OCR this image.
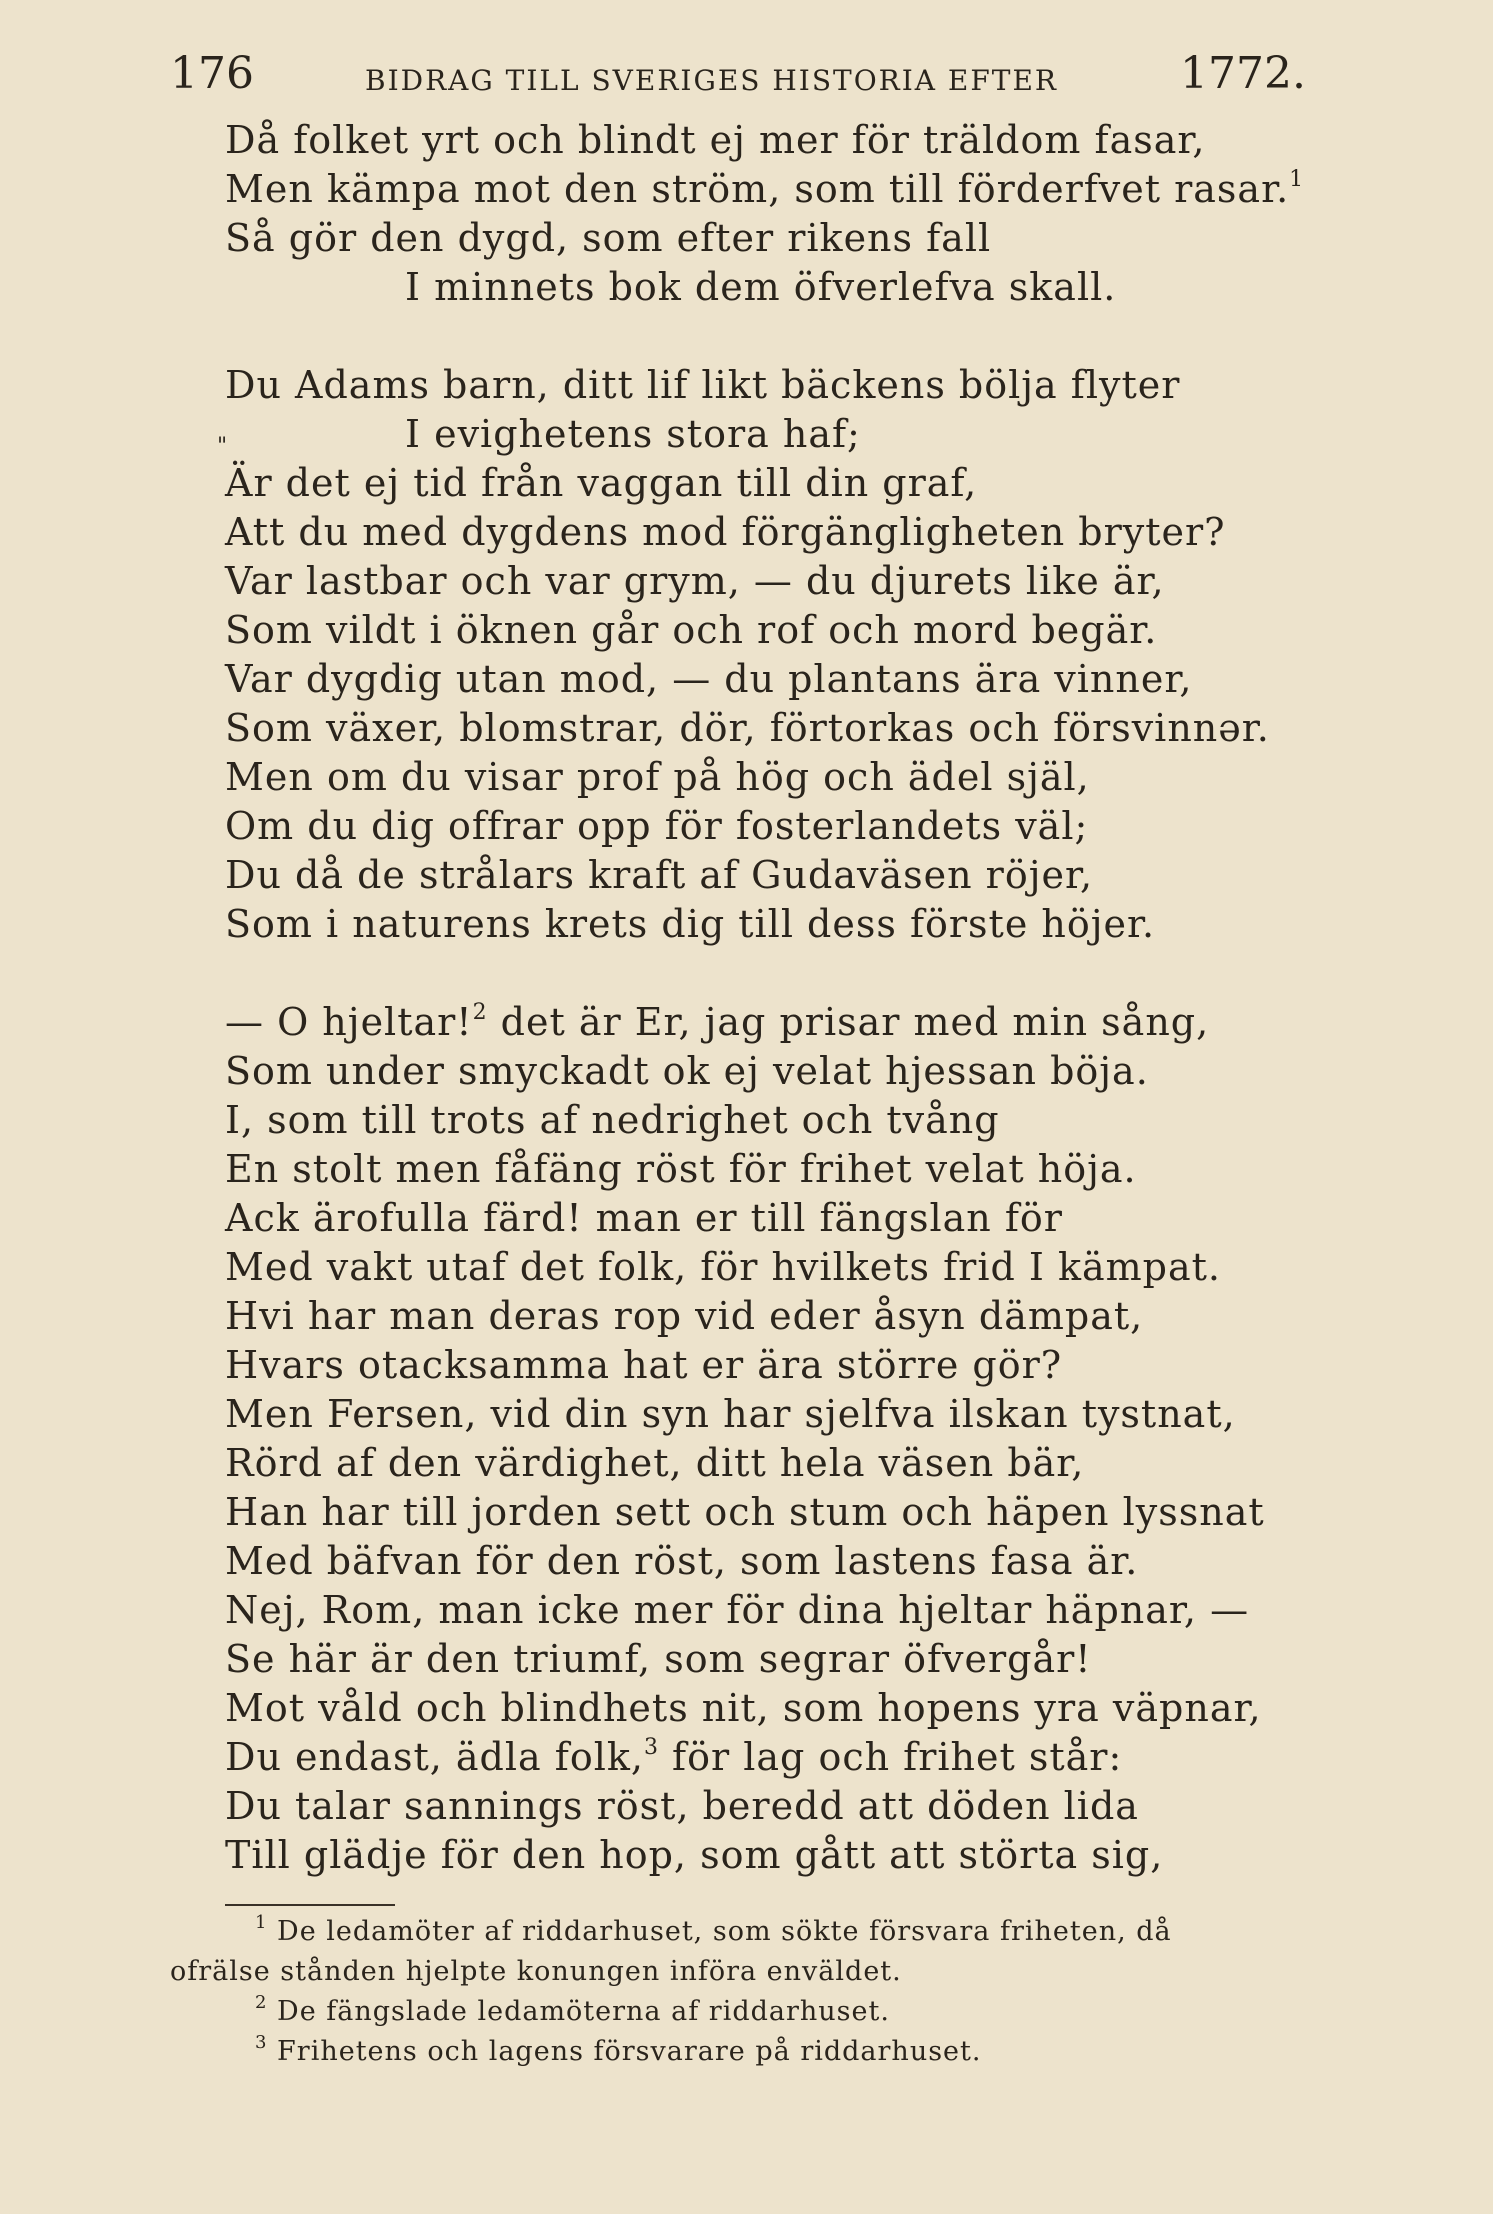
176	BIDRAG TILL SVERIGES HISTORIA EFTER	1772.
Då folket yrt och blindt ej mer för träldom fasar,
Men kämpa mot den ström, som till förderfvet rasar.$^1$
Så gör den dygd, som efter rikens fall
I minnets bok dem öfverlefva skall.
Du Adams barn, ditt lif likt bäckens bölja flyter
"	I evighetens stora haf;
Är det ej tid från vaggan till din graf,
Att du med dygdens mod förgängligheten bryter?
Var lastbar och var grym, — du djurets like är,
Som vildt i öknen går och rof och mord begär.
Var dygdig utan mod, — du plantans ära vinner,
Som växer, blomstrar, dör, förtorkas och försvinnər.
Men om du visar prof på hög och ädel själ,
Om du dig offrar opp för fosterlandets väl;
Du då de strålars kraft af Gudaväsen röjer,
Som i naturens krets dig till dess förste höjer.
— O hjeltar!$^2$ det är Er, jag prisar med min sång,
Som under smyckadt ok ej velat hjessan böja.
I, som till trots af nedrighet och tvång
En stolt men fåfäng röst för frihet velat höja.
Ack ärofulla färd! man er till fängslan för
Med vakt utaf det folk, för hvilkets frid I kämpat.
Hvi har man deras rop vid eder åsyn dämpat,
Hvars otacksamma hat er ära större gör?
Men Fersen, vid din syn har sjelfva ilskan tystnat,
Rörd af den värdighet, ditt hela väsen bär,
Han har till jorden sett och stum och häpen lyssnat
Med bäfvan för den röst, som lastens fasa är.
Nej, Rom, man icke mer för dina hjeltar häpnar, —
Se här är den triumf, som segrar öfvergår!
Mot våld och blindhets nit, som hopens yra väpnar,
Du endast, ädla folk,$^3$ för lag och frihet står:
Du talar sannings röst, beredd att döden lida
Till glädje för den hop, som gått att störta sig,
$^1$ De ledamöter af riddarhuset, som sökte försvara friheten, då
ofrälse stånden hjelpte konungen införa enväldet.
$^2$ De fängslade ledamöterna af riddarhuset.
$^3$ Frihetens och lagens försvarare på riddarhuset.
